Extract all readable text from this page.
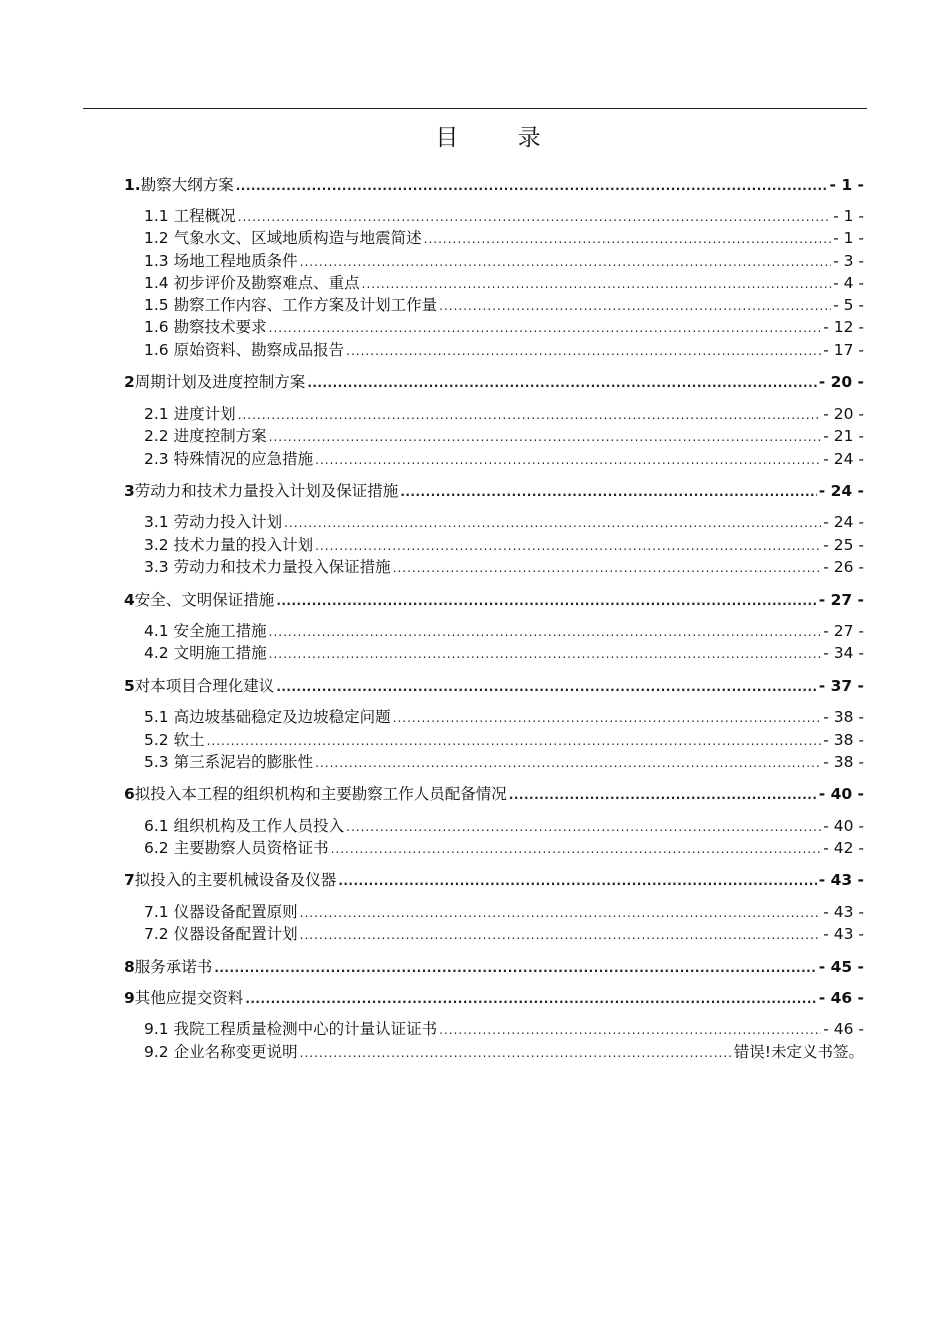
目 录
1. 勘察大纲方案 .....	- 1 -
1.1 工程概况 .....	- 1 -
1.2 气象水文、区域地质构造与地震简述 .....	- 1 -
1.3 场地工程地质条件 .....	- 3 -
1.4 初步评价及勘察难点、重点 .....	- 4 -
1.5 勘察工作内容、工作方案及计划工作量 .....	- 5 -
1.6 勘察技术要求 .....	- 12 -
1.6 原始资料、勘察成品报告 .....	- 17 -
2 周期计划及进度控制方案 .....	- 20 -
2.1 进度计划 .....	- 20 -
2.2 进度控制方案 .....	- 21 -
2.3 特殊情况的应急措施 .....	- 24 -
3 劳动力和技术力量投入计划及保证措施 .....	- 24 -
3.1 劳动力投入计划 .....	- 24 -
3.2 技术力量的投入计划 .....	- 25 -
3.3 劳动力和技术力量投入保证措施 .....	- 26 -
4 安全、文明保证措施 .....	- 27 -
4.1 安全施工措施 .....	- 27 -
4.2 文明施工措施 .....	- 34 -
5 对本项目合理化建议 .....	- 37 -
5.1 高边坡基础稳定及边坡稳定问题 .....	- 38 -
5.2 软土 .....	- 38 -
5.3 第三系泥岩的膨胀性 .....	- 38 -
6 拟投入本工程的组织机构和主要勘察工作人员配备情况 .....	- 40 -
6.1 组织机构及工作人员投入 .....	- 40 -
6.2 主要勘察人员资格证书 .....	- 42 -
7 拟投入的主要机械设备及仪器 .....	- 43 -
7.1 仪器设备配置原则 .....	- 43 -
7.2 仪器设备配置计划 .....	- 43 -
8 服务承诺书 .....	- 45 -
9 其他应提交资料 .....	- 46 -
9.1 我院工程质量检测中心的计量认证证书 .....	- 46 -
9.2 企业名称变更说明 .....	错误!未定义书签。
